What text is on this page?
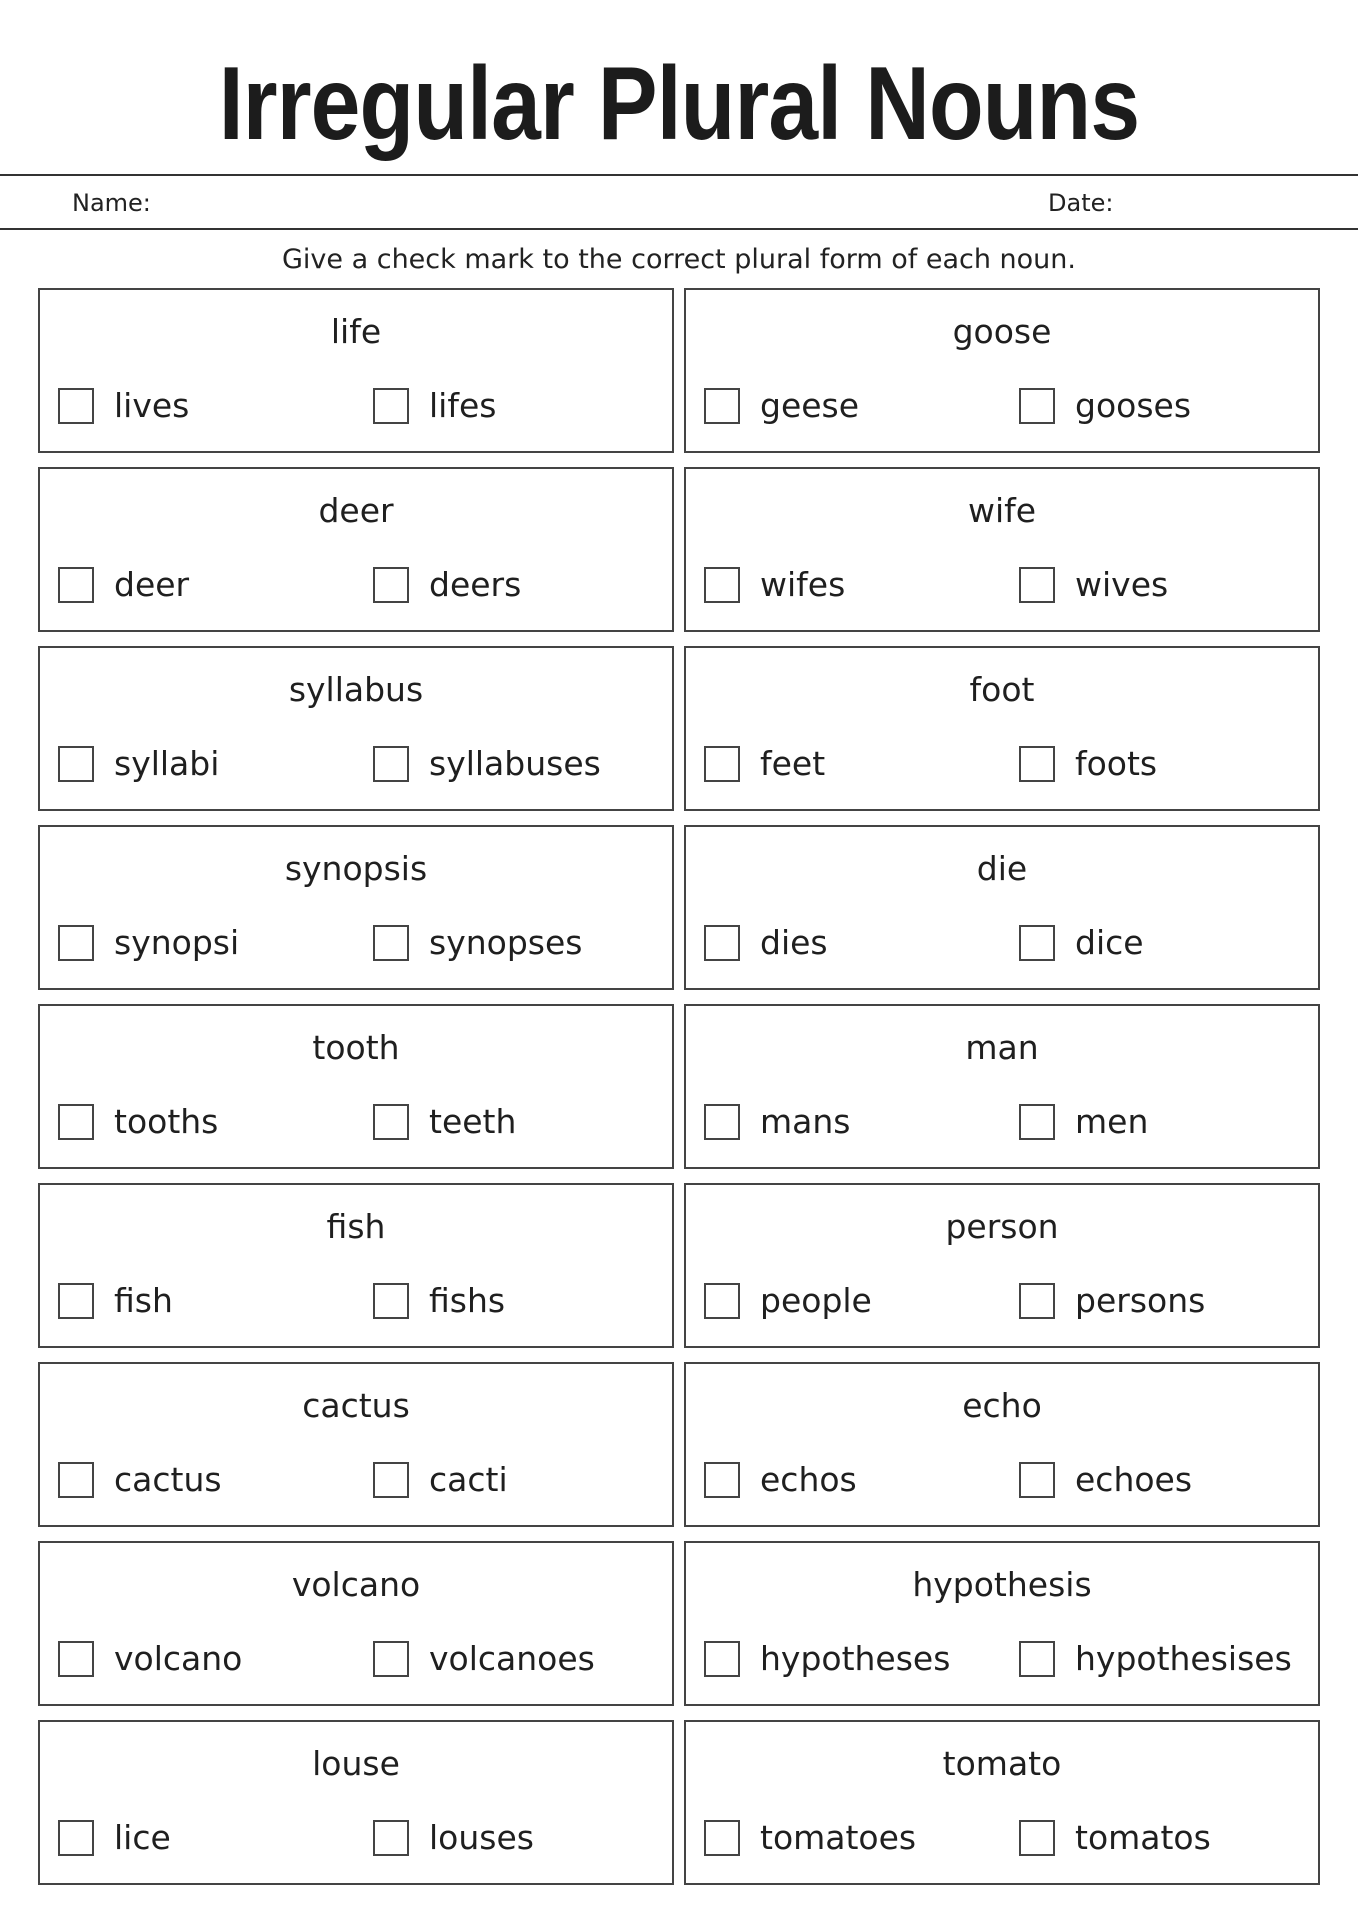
Irregular Plural Nouns
Name:	Date:
Give a check mark to the correct plural form of each noun.
life
lives	lifes
goose
geese	gooses
deer
deer	deers
wife
wifes	wives
syllabus
syllabi	syllabuses
foot
feet	foots
synopsis
synopsi	synopses
die
dies	dice
tooth
tooths	teeth
man
mans	men
fish
fish	fishs
person
people	persons
cactus
cactus	cacti
echo
echos	echoes
volcano
volcano	volcanoes
hypothesis
hypotheses	hypothesises
louse
lice	louses
tomato
tomatoes	tomatos
